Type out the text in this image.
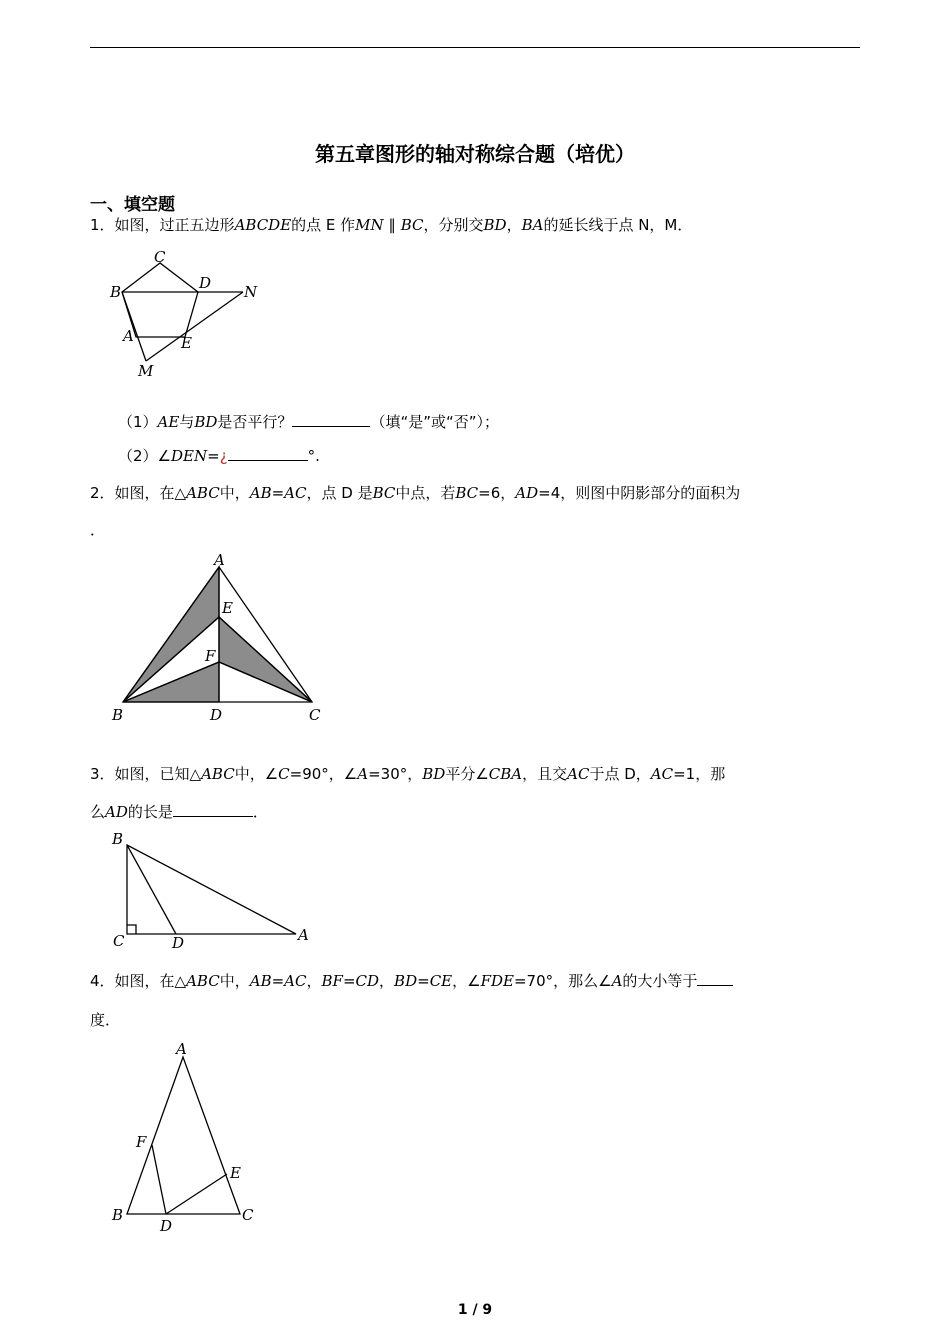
第五章图形的轴对称综合题（培优）
一、填空题
1．如图，过正五边形ABCDE的点 E 作MN ∥ BC，分别交BD，BA的延长线于点 N，M．
C
B	D N
A	E
M
（1）AE与BD是否平行？	（填“是”或“否”）；
（2）∠DEN=¿	°.
2．如图，在△ABC中，AB=AC，点 D 是BC中点，若BC=6，AD=4，则图中阴影部分的面积为
．
A
E
F
B	D	C
3．如图，已知△ABC中，∠C=90°，∠A=30°，BD平分∠CBA，且交AC于点 D，AC=1，那
么AD的长是	．
B
C	D	A
4．如图，在△ABC中，AB=AC，BF=CD，BD=CE，∠FDE=70°，那么∠A的大小等于
度．
A
F
E
B
D
C
1 / 9
